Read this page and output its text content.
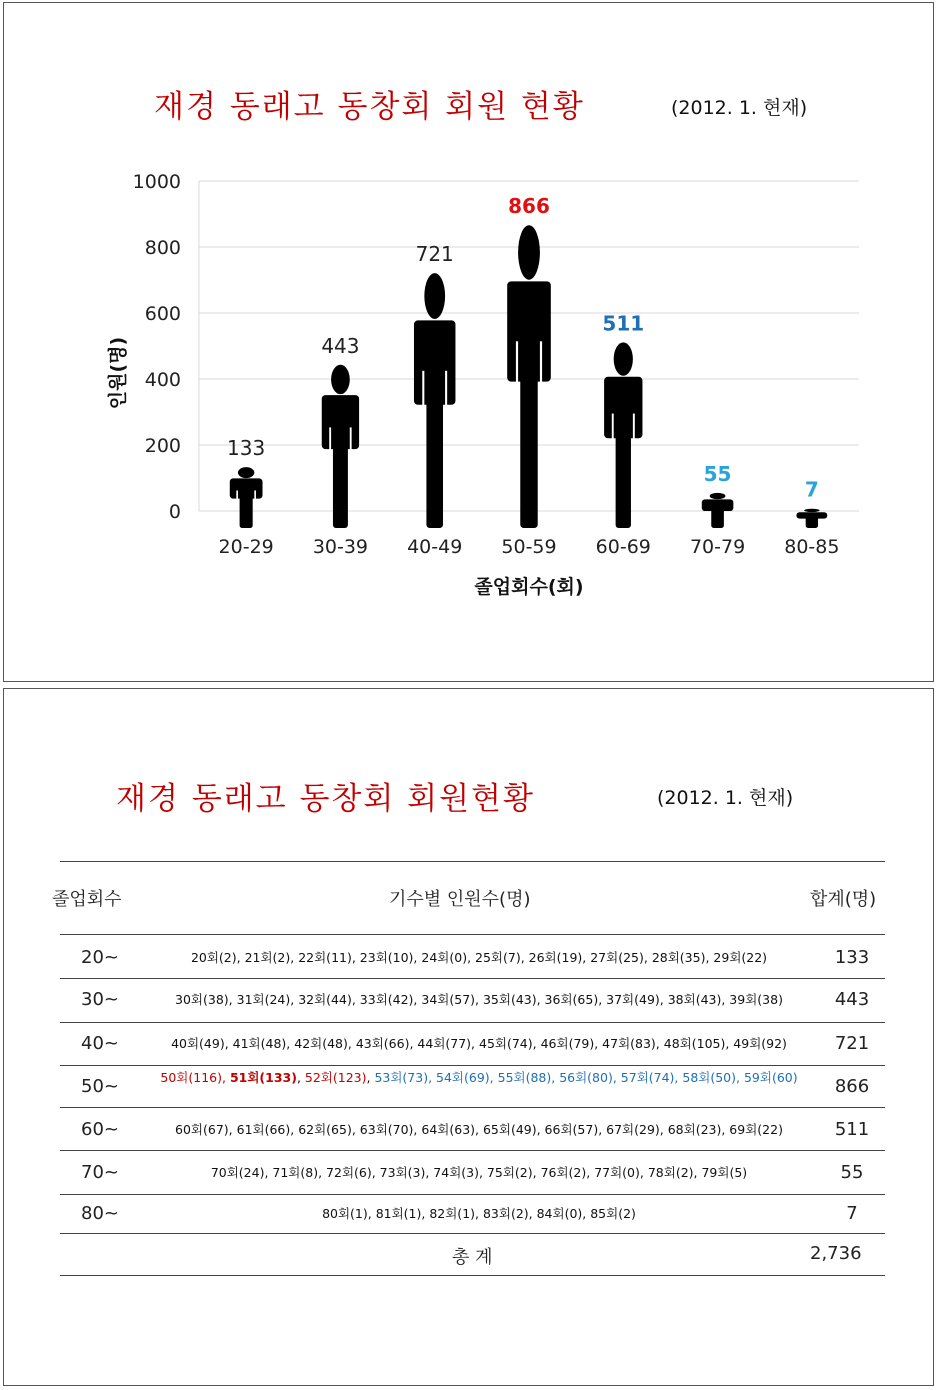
재경 동래고 동창회 회원 현황	(2012. 1. 현재)
0
200
400
600
800
1000
인원(명)
졸업회수(회)
133
20-29
443
30-39
721
40-49
866
50-59
511
60-69
55
70-79
7
80-85
재경 동래고 동창회 회원현황	(2012. 1. 현재)
졸업회수	기수별 인원수(명)	합계(명)
20~	20회(2), 21회(2), 22회(11), 23회(10), 24회(0), 25회(7), 26회(19), 27회(25), 28회(35), 29회(22)	133
30~	30회(38), 31회(24), 32회(44), 33회(42), 34회(57), 35회(43), 36회(65), 37회(49), 38회(43), 39회(38)	443
40~	40회(49), 41회(48), 42회(48), 43회(66), 44회(77), 45회(74), 46회(79), 47회(83), 48회(105), 49회(92)	721
50~	50회(116), 51회(133), 52회(123), 53회(73), 54회(69), 55회(88), 56회(80), 57회(74), 58회(50), 59회(60)	866
60~	60회(67), 61회(66), 62회(65), 63회(70), 64회(63), 65회(49), 66회(57), 67회(29), 68회(23), 69회(22)	511
70~	70회(24), 71회(8), 72회(6), 73회(3), 74회(3), 75회(2), 76회(2), 77회(0), 78회(2), 79회(5)	55
80~	80회(1), 81회(1), 82회(1), 83회(2), 84회(0), 85회(2)	7
총 계	2,736
